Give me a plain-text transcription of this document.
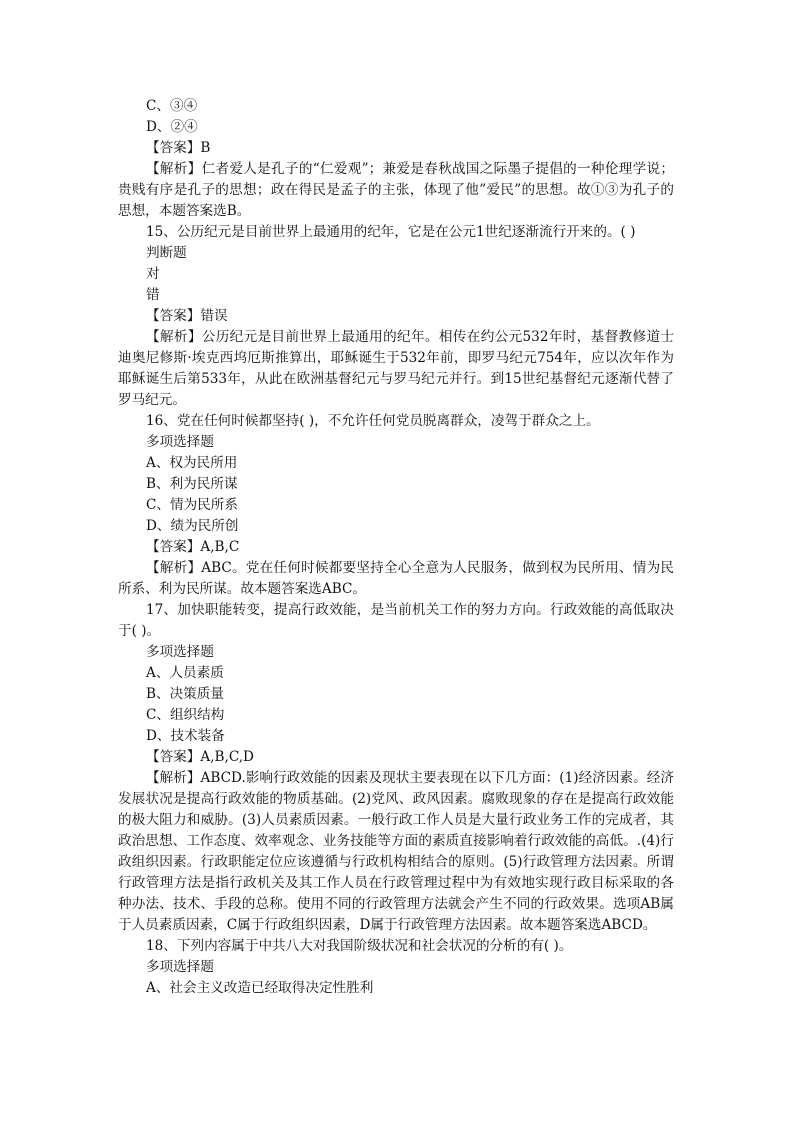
C、③④
D、②④
【答案】B
【解析】仁者爱人是孔子的“仁爱观”；兼爱是春秋战国之际墨子提倡的一种伦理学说；贵贱有序是孔子的思想；政在得民是孟子的主张，体现了他”爱民”的思想。故①③为孔子的思想，本题答案选B。
15、公历纪元是目前世界上最通用的纪年，它是在公元1世纪逐渐流行开来的。( )
判断题
对
错
【答案】错误
【解析】公历纪元是目前世界上最通用的纪年。相传在约公元532年时，基督教修道士迪奥尼修斯·埃克西坞厄斯推算出，耶稣诞生于532年前，即罗马纪元754年，应以次年作为耶稣诞生后第533年，从此在欧洲基督纪元与罗马纪元并行。到15世纪基督纪元逐渐代替了罗马纪元。
16、党在任何时候都坚持( )，不允许任何党员脱离群众，凌驾于群众之上。
多项选择题
A、权为民所用
B、利为民所谋
C、情为民所系
D、绩为民所创
【答案】A,B,C
【解析】ABC。党在任何时候都要坚持全心全意为人民服务，做到权为民所用、情为民所系、利为民所谋。故本题答案选ABC。
17、加快职能转变，提高行政效能，是当前机关工作的努力方向。行政效能的高低取决于( )。
多项选择题
A、人员素质
B、决策质量
C、组织结构
D、技术装备
【答案】A,B,C,D
【解析】ABCD.影响行政效能的因素及现状主要表现在以下几方面：(1)经济因素。经济发展状况是提高行政效能的物质基础。(2)党风、政风因素。腐败现象的存在是提高行政效能的极大阻力和威胁。(3)人员素质因素。一般行政工作人员是大量行政业务工作的完成者，其政治思想、工作态度、效率观念、业务技能等方面的素质直接影响着行政效能的高低。.(4)行政组织因素。行政职能定位应该遵循与行政机构相结合的原则。(5)行政管理方法因素。所谓行政管理方法是指行政机关及其工作人员在行政管理过程中为有效地实现行政目标采取的各种办法、技术、手段的总称。使用不同的行政管理方法就会产生不同的行政效果。选项AB属于人员素质因素，C属于行政组织因素，D属于行政管理方法因素。故本题答案选ABCD。
18、下列内容属于中共八大对我国阶级状况和社会状况的分析的有( )。
多项选择题
A、社会主义改造已经取得决定性胜利
